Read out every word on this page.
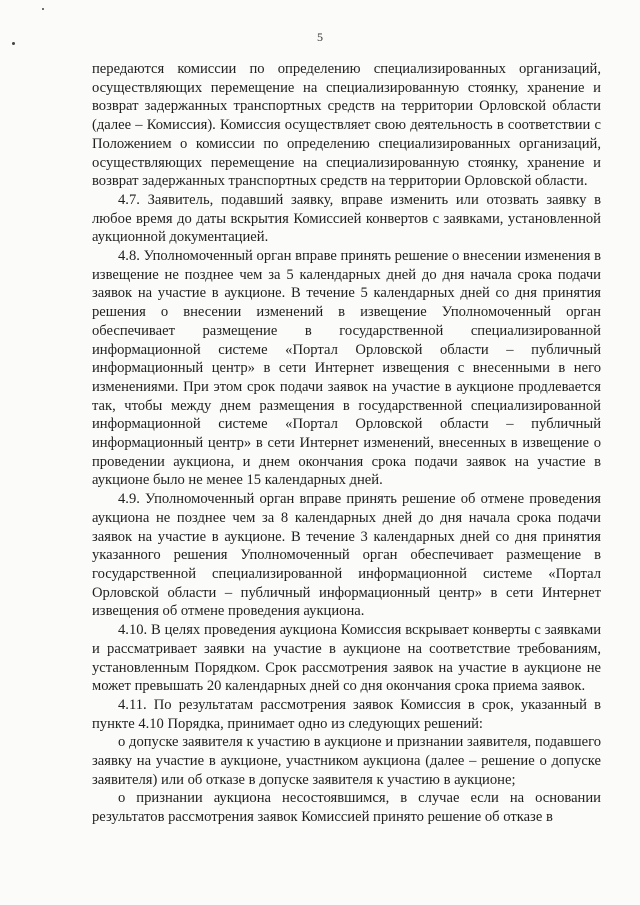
5

передаются комиссии по определению специализированных организаций, осуществляющих перемещение на специализированную стоянку, хранение и возврат задержанных транспортных средств на территории Орловской области (далее – Комиссия). Комиссия осуществляет свою деятельность в соответствии с Положением о комиссии по определению специализированных организаций, осуществляющих перемещение на специализированную стоянку, хранение и возврат задержанных транспортных средств на территории Орловской области.

4.7. Заявитель, подавший заявку, вправе изменить или отозвать заявку в любое время до даты вскрытия Комиссией конвертов с заявками, установленной аукционной документацией.

4.8. Уполномоченный орган вправе принять решение о внесении изменения в извещение не позднее чем за 5 календарных дней до дня начала срока подачи заявок на участие в аукционе. В течение 5 календарных дней со дня принятия решения о внесении изменений в извещение Уполномоченный орган обеспечивает размещение в государственной специализированной информационной системе «Портал Орловской области – публичный информационный центр» в сети Интернет извещения с внесенными в него изменениями. При этом срок подачи заявок на участие в аукционе продлевается так, чтобы между днем размещения в государственной специализированной информационной системе «Портал Орловской области – публичный информационный центр» в сети Интернет изменений, внесенных в извещение о проведении аукциона, и днем окончания срока подачи заявок на участие в аукционе было не менее 15 календарных дней.

4.9. Уполномоченный орган вправе принять решение об отмене проведения аукциона не позднее чем за 8 календарных дней до дня начала срока подачи заявок на участие в аукционе. В течение 3 календарных дней со дня принятия указанного решения Уполномоченный орган обеспечивает размещение в государственной специализированной информационной системе «Портал Орловской области – публичный информационный центр» в сети Интернет извещения об отмене проведения аукциона.

4.10. В целях проведения аукциона Комиссия вскрывает конверты с заявками и рассматривает заявки на участие в аукционе на соответствие требованиям, установленным Порядком. Срок рассмотрения заявок на участие в аукционе не может превышать 20 календарных дней со дня окончания срока приема заявок.

4.11. По результатам рассмотрения заявок Комиссия в срок, указанный в пункте 4.10 Порядка, принимает одно из следующих решений:

о допуске заявителя к участию в аукционе и признании заявителя, подавшего заявку на участие в аукционе, участником аукциона (далее – решение о допуске заявителя) или об отказе в допуске заявителя к участию в аукционе;

о признании аукциона несостоявшимся, в случае если на основании результатов рассмотрения заявок Комиссией принято решение об отказе в
